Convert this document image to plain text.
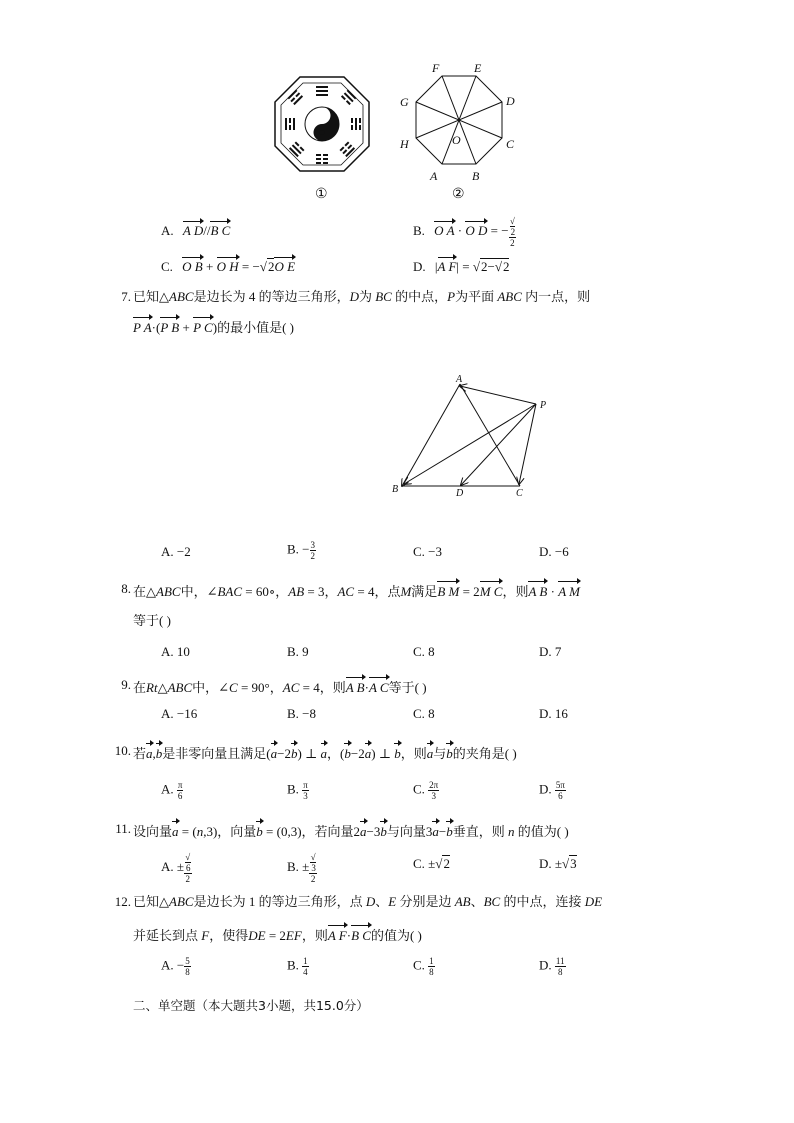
①
F	E
D
C
B
A
H
G
O
②
A. A D//B C	B. O A · O D = − √
2
2
C. O B + O H = −√2O E	D. |A F| = √2−√2
7. 已知△ABC是边长为 4 的等边三角形，D为 BC 的中点，P为平面 ABC 内一点，则
P A·(P B + P C)的最小值是( )
A
P
B	D	C
A. −2	B. − $\frac{3}{2}$	C. −3	D. −6
8. 在△ABC中，∠BAC = 60∘，AB = 3，AC = 4，点M满足B M = 2M C，则A B · A M
等于( )
A. 10	B. 9	C. 8	D. 7
9. 在Rt△ABC中，∠C = 90°，AC = 4，则A B·A C等于( )
A. −16	B. −8	C. 8	D. 16
10. 若a,b是非零向量且满足(a−2b) ⊥ a，(b−2a) ⊥ b，则a与b的夹角是( )
A. $\frac{\pi}{6}$	B. $\frac{\pi}{3}$	C. $\frac{2\pi}{3}$	D. $\frac{5\pi}{6}$
11. 设向量a = (n,3)，向量b = (0,3)，若向量2a−3b与向量3a−b垂直，则 n 的值为( )
A. ± √
6
2	B. ± √
3
2	C. ±√2	D. ±√3
12. 已知△ABC是边长为 1 的等边三角形，点 D、E 分别是边 AB、BC 的中点，连接 DE
并延长到点 F，使得DE = 2EF，则A F·B C的值为( )
A. − $\frac{5}{8}$	B. $\frac{1}{4}$	C. $\frac{1}{8}$	D. $\frac{11}{8}$
二、单空题（本大题共3小题，共15.0分）
